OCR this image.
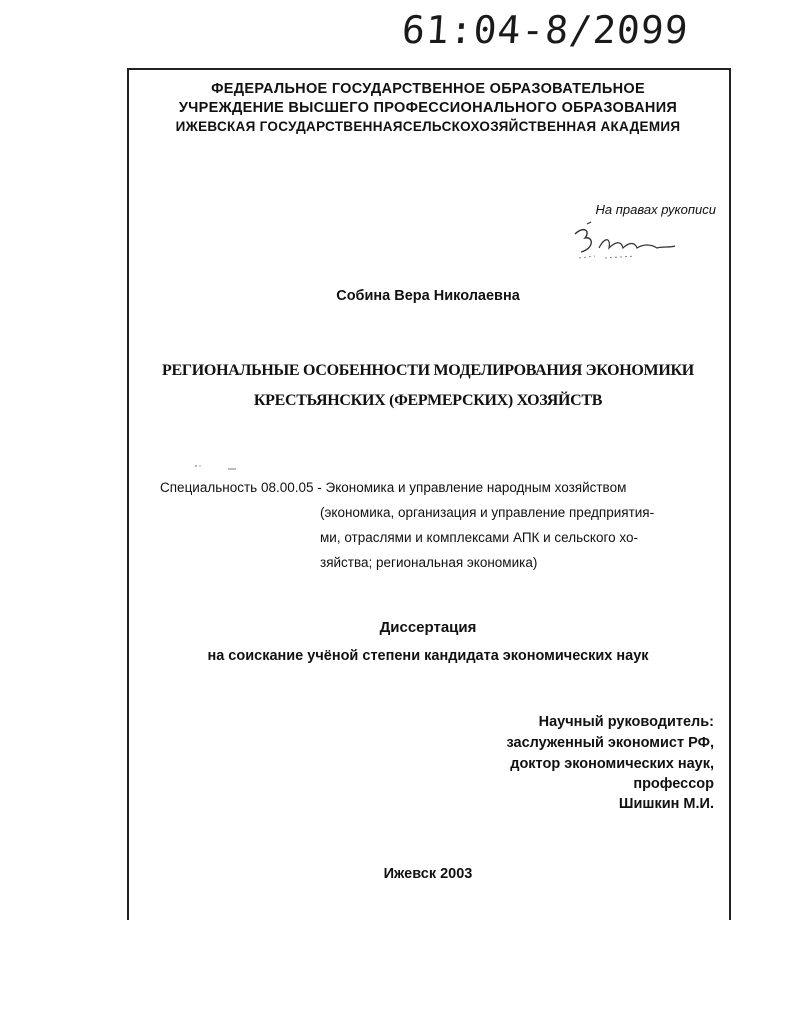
61:04-8/2099
ФЕДЕРАЛЬНОЕ ГОСУДАРСТВЕННОЕ ОБРАЗОВАТЕЛЬНОЕ
УЧРЕЖДЕНИЕ ВЫСШЕГО ПРОФЕССИОНАЛЬНОГО ОБРАЗОВАНИЯ
ИЖЕВСКАЯ ГОСУДАРСТВЕННАЯСЕЛЬСКОХОЗЯЙСТВЕННАЯ АКАДЕМИЯ
На правах рукописи
Собина Вера Николаевна
РЕГИОНАЛЬНЫЕ ОСОБЕННОСТИ МОДЕЛИРОВАНИЯ ЭКОНОМИКИ
КРЕСТЬЯНСКИХ (ФЕРМЕРСКИХ) ХОЗЯЙСТВ
Специальность 08.00.05 - Экономика и управление народным хозяйством
(экономика, организация и управление предприятия-
ми, отраслями и комплексами АПК и сельского хо-
зяйства; региональная экономика)
Диссертация
на соискание учёной степени кандидата экономических наук
Научный руководитель:
заслуженный экономист РФ,
доктор экономических наук,
профессор
Шишкин М.И.
Ижевск 2003
